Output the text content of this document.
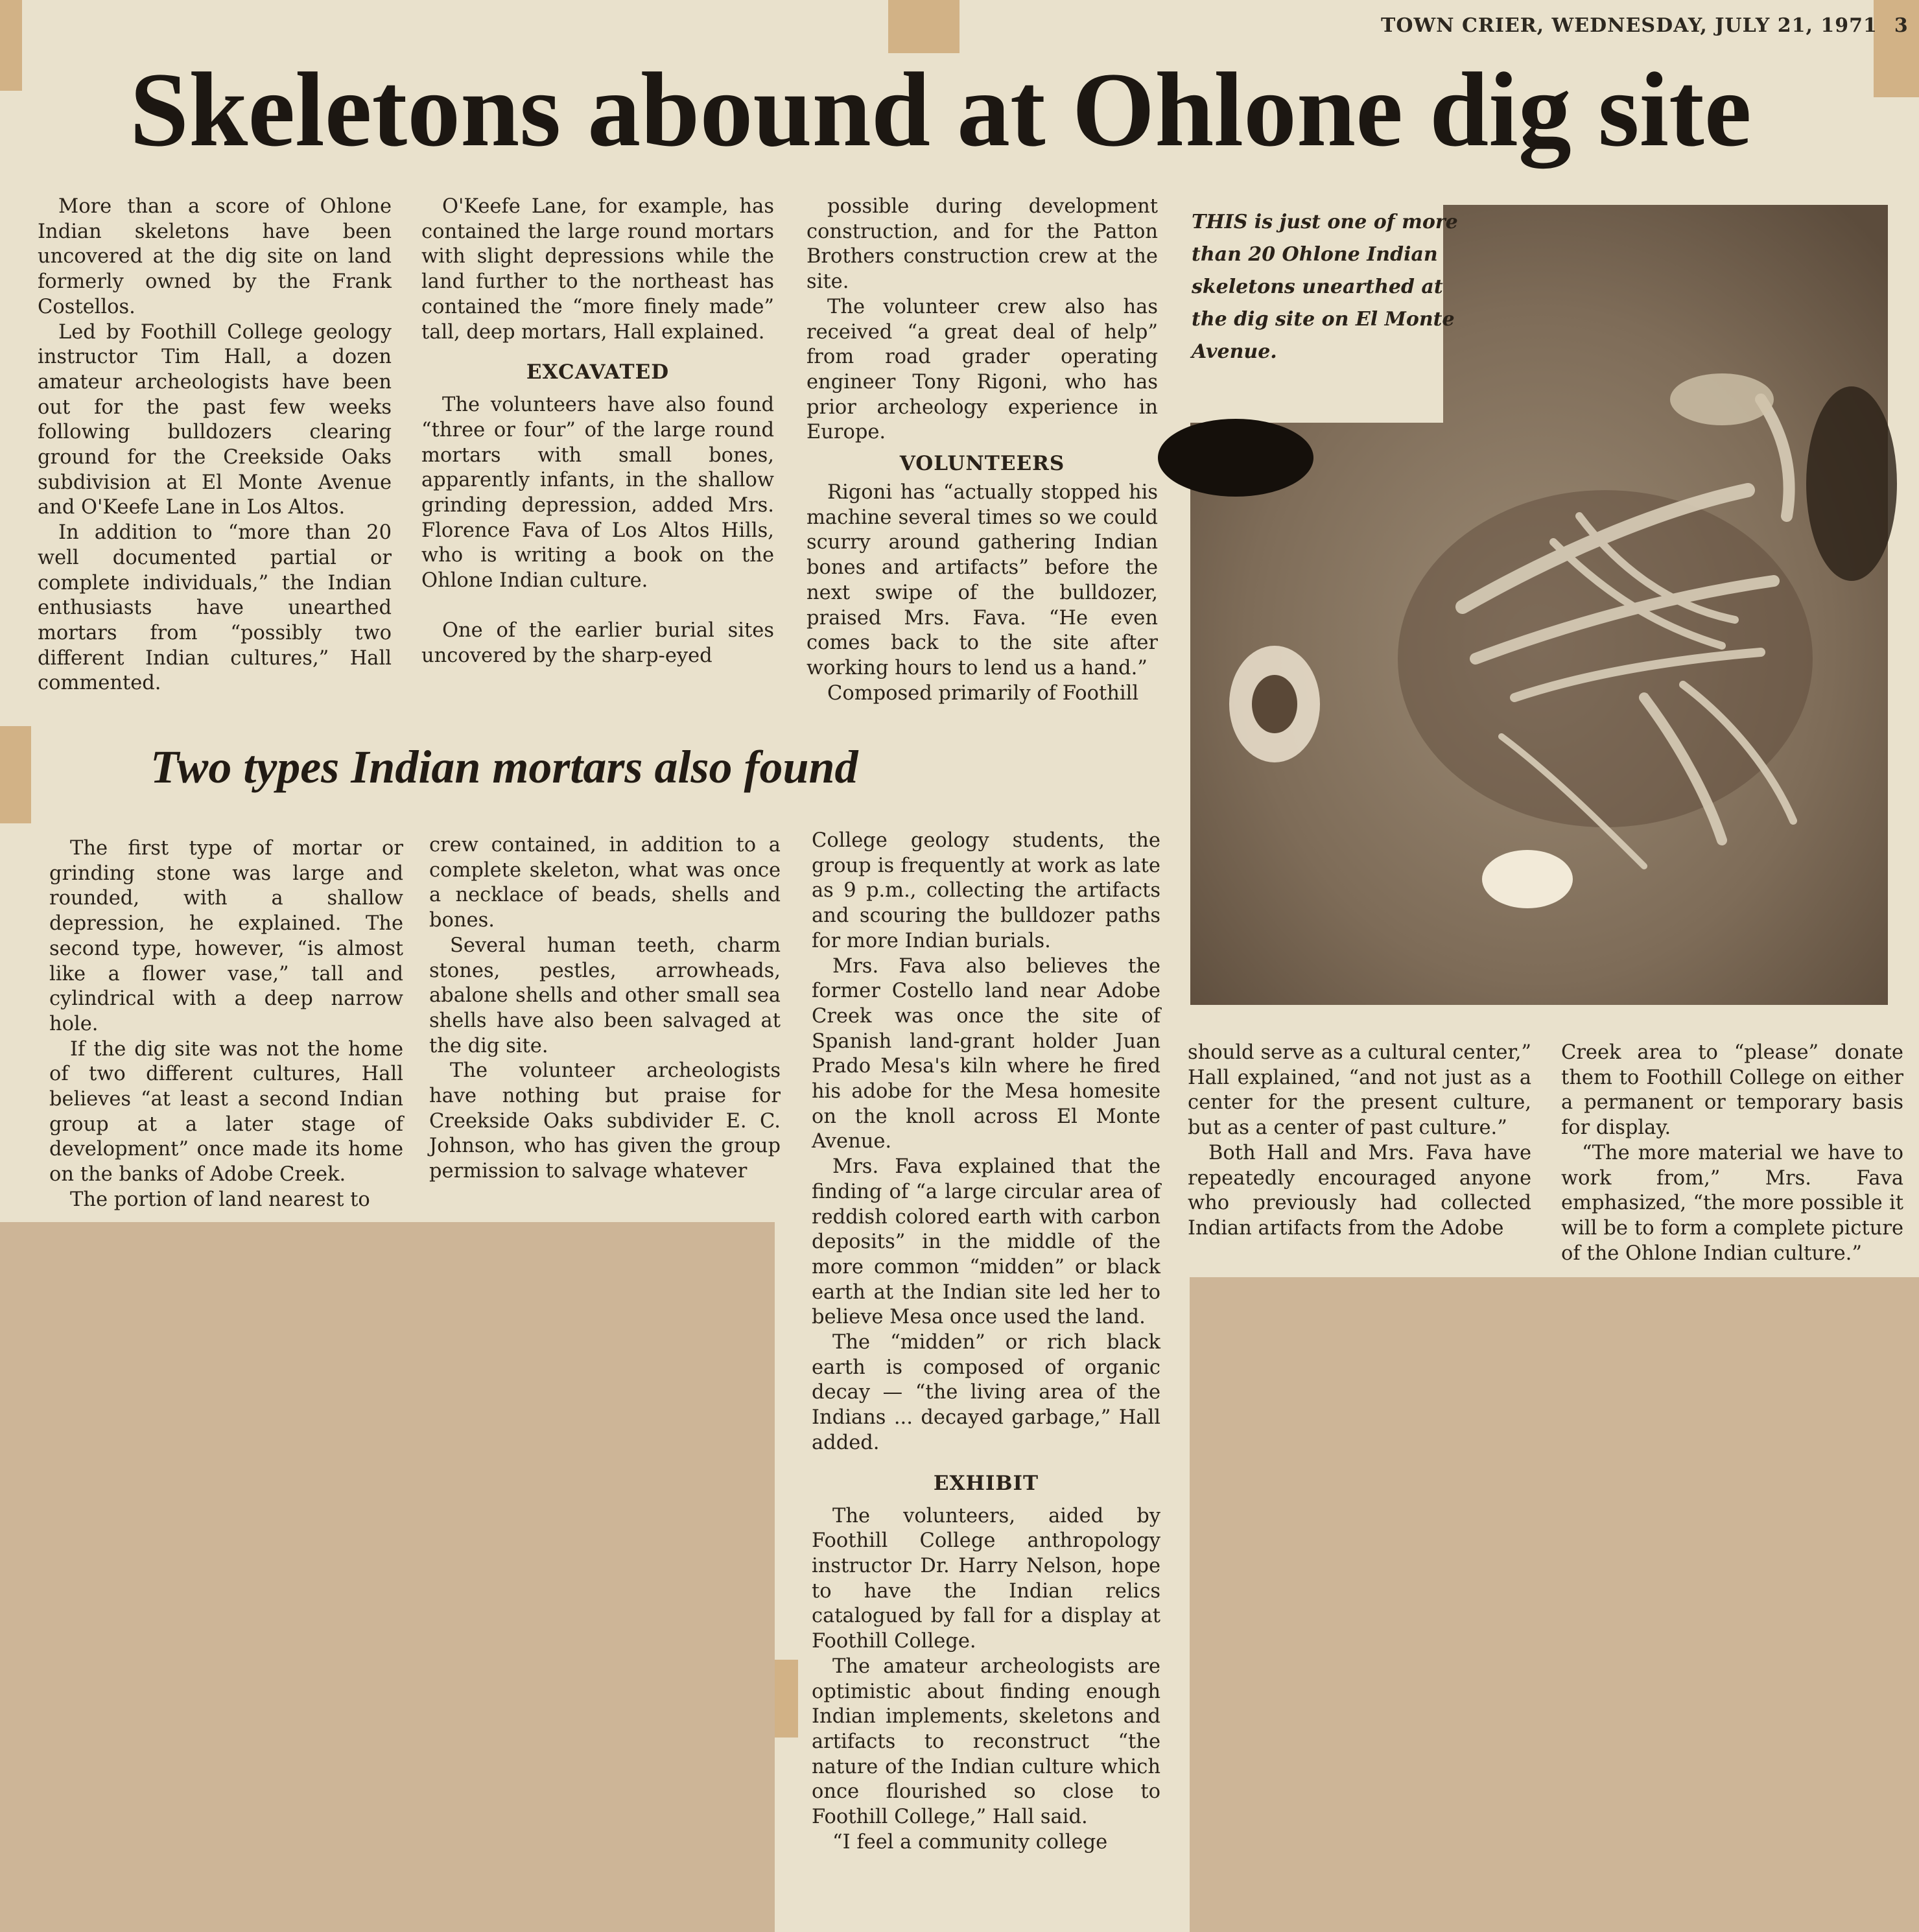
TOWN CRIER, WEDNESDAY, JULY 21, 1971 3
Skeletons abound at Ohlone dig site

More than a score of Ohlone Indian skeletons have been uncovered at the dig site on land formerly owned by the Frank Costellos.

Led by Foothill College geology instructor Tim Hall, a dozen amateur archeologists have been out for the past few weeks following bulldozers clearing ground for the Creekside Oaks subdivision at El Monte Avenue and O'Keefe Lane in Los Altos.

In addition to “more than 20 well documented partial or complete individuals,” the Indian enthusiasts have unearthed mortars from “possibly two different Indian cultures,” Hall commented.

O'Keefe Lane, for example, has contained the large round mortars with slight depressions while the land further to the northeast has contained the “more finely made” tall, deep mortars, Hall explained.

EXCAVATED

The volunteers have also found “three or four” of the large round mortars with small bones, apparently infants, in the shallow grinding depression, added Mrs. Florence Fava of Los Altos Hills, who is writing a book on the Ohlone Indian culture.

One of the earlier burial sites uncovered by the sharp-eyed

possible during development construction, and for the Patton Brothers construction crew at the site.

The volunteer crew also has received “a great deal of help” from road grader operating engineer Tony Rigoni, who has prior archeology experience in Europe.

VOLUNTEERS

Rigoni has “actually stopped his machine several times so we could scurry around gathering Indian bones and artifacts” before the next swipe of the bulldozer, praised Mrs. Fava. “He even comes back to the site after working hours to lend us a hand.”

Composed primarily of Foothill

THIS is just one of more than 20 Ohlone Indian skeletons unearthed at the dig site on El Monte Avenue.
Two types Indian mortars also found

The first type of mortar or grinding stone was large and rounded, with a shallow depression, he explained. The second type, however, “is almost like a flower vase,” tall and cylindrical with a deep narrow hole.

If the dig site was not the home of two different cultures, Hall believes “at least a second Indian group at a later stage of development” once made its home on the banks of Adobe Creek.

The portion of land nearest to

crew contained, in addition to a complete skeleton, what was once a necklace of beads, shells and bones.

Several human teeth, charm stones, pestles, arrowheads, abalone shells and other small sea shells have also been salvaged at the dig site.

The volunteer archeologists have nothing but praise for Creekside Oaks subdivider E. C. Johnson, who has given the group permission to salvage whatever

College geology students, the group is frequently at work as late as 9 p.m., collecting the artifacts and scouring the bulldozer paths for more Indian burials.

Mrs. Fava also believes the former Costello land near Adobe Creek was once the site of Spanish land-grant holder Juan Prado Mesa's kiln where he fired his adobe for the Mesa homesite on the knoll across El Monte Avenue.

Mrs. Fava explained that the finding of “a large circular area of reddish colored earth with carbon deposits” in the middle of the more common “midden” or black earth at the Indian site led her to believe Mesa once used the land.

The “midden” or rich black earth is composed of organic decay — “the living area of the Indians ... decayed garbage,” Hall added.

EXHIBIT

The volunteers, aided by Foothill College anthropology instructor Dr. Harry Nelson, hope to have the Indian relics catalogued by fall for a display at Foothill College.

The amateur archeologists are optimistic about finding enough Indian implements, skeletons and artifacts to reconstruct “the nature of the Indian culture which once flourished so close to Foothill College,” Hall said.

“I feel a community college

should serve as a cultural center,” Hall explained, “and not just as a center for the present culture, but as a center of past culture.”

Both Hall and Mrs. Fava have repeatedly encouraged anyone who previously had collected Indian artifacts from the Adobe

Creek area to “please” donate them to Foothill College on either a permanent or temporary basis for display.

“The more material we have to work from,” Mrs. Fava emphasized, “the more possible it will be to form a complete picture of the Ohlone Indian culture.”
